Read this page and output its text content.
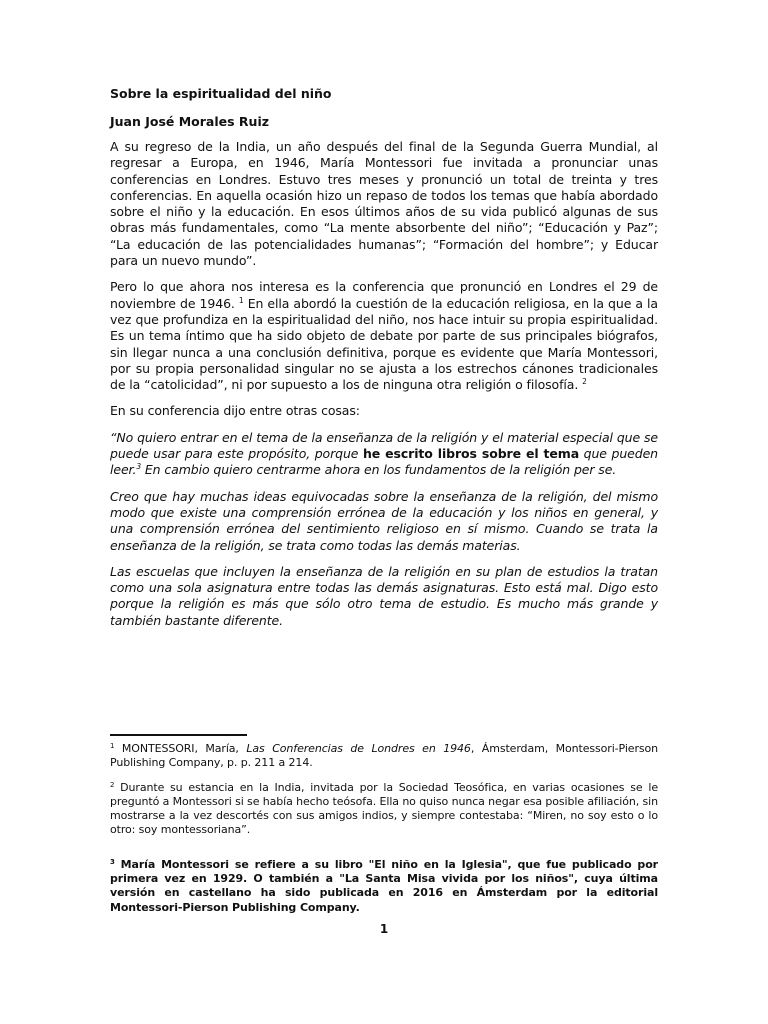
Sobre la espiritualidad del niño
Juan José Morales Ruiz

A su regreso de la India, un año después del final de la Segunda Guerra Mundial, al regresar a Europa, en 1946, María Montessori fue invitada a pronunciar unas conferencias en Londres. Estuvo tres meses y pronunció un total de treinta y tres conferencias. En aquella ocasión hizo un repaso de todos los temas que había abordado sobre el niño y la educación. En esos últimos años de su vida publicó algunas de sus obras más fundamentales, como “La mente absorbente del niño”; “Educación y Paz”; “La educación de las potencialidades humanas”; “Formación del hombre”; y Educar para un nuevo mundo”.

Pero lo que ahora nos interesa es la conferencia que pronunció en Londres el 29 de noviembre de 1946. $^1$ En ella abordó la cuestión de la educación religiosa, en la que a la vez que profundiza en la espiritualidad del niño, nos hace intuir su propia espiritualidad. Es un tema íntimo que ha sido objeto de debate por parte de sus principales biógrafos, sin llegar nunca a una conclusión definitiva, porque es evidente que María Montessori, por su propia personalidad singular no se ajusta a los estrechos cánones tradicionales de la “catolicidad”, ni por supuesto a los de ninguna otra religión o filosofía. $^2$

En su conferencia dijo entre otras cosas:

“No quiero entrar en el tema de la enseñanza de la religión y el material especial que se puede usar para este propósito, porque he escrito libros sobre el tema que pueden leer.$^3$ En cambio quiero centrarme ahora en los fundamentos de la religión per se.

Creo que hay muchas ideas equivocadas sobre la enseñanza de la religión, del mismo modo que existe una comprensión errónea de la educación y los niños en general, y una comprensión errónea del sentimiento religioso en sí mismo. Cuando se trata la enseñanza de la religión, se trata como todas las demás materias.

Las escuelas que incluyen la enseñanza de la religión en su plan de estudios la tratan como una sola asignatura entre todas las demás asignaturas. Esto está mal. Digo esto porque la religión es más que sólo otro tema de estudio. Es mucho más grande y también bastante diferente.

$^1$ MONTESSORI, María, Las Conferencias de Londres en 1946, Ámsterdam, Montessori-Pierson Publishing Company, p. p. 211 a 214.

$^2$ Durante su estancia en la India, invitada por la Sociedad Teosófica, en varias ocasiones se le preguntó a Montessori si se había hecho teósofa. Ella no quiso nunca negar esa posible afiliación, sin mostrarse a la vez descortés con sus amigos indios, y siempre contestaba: “Miren, no soy esto o lo otro: soy montessoriana”.

$^3$ María Montessori se refiere a su libro "El niño en la Iglesia", que fue publicado por primera vez en 1929. O también a "La Santa Misa vivida por los niños", cuya última versión en castellano ha sido publicada en 2016 en Ámsterdam por la editorial Montessori-Pierson Publishing Company.

1
